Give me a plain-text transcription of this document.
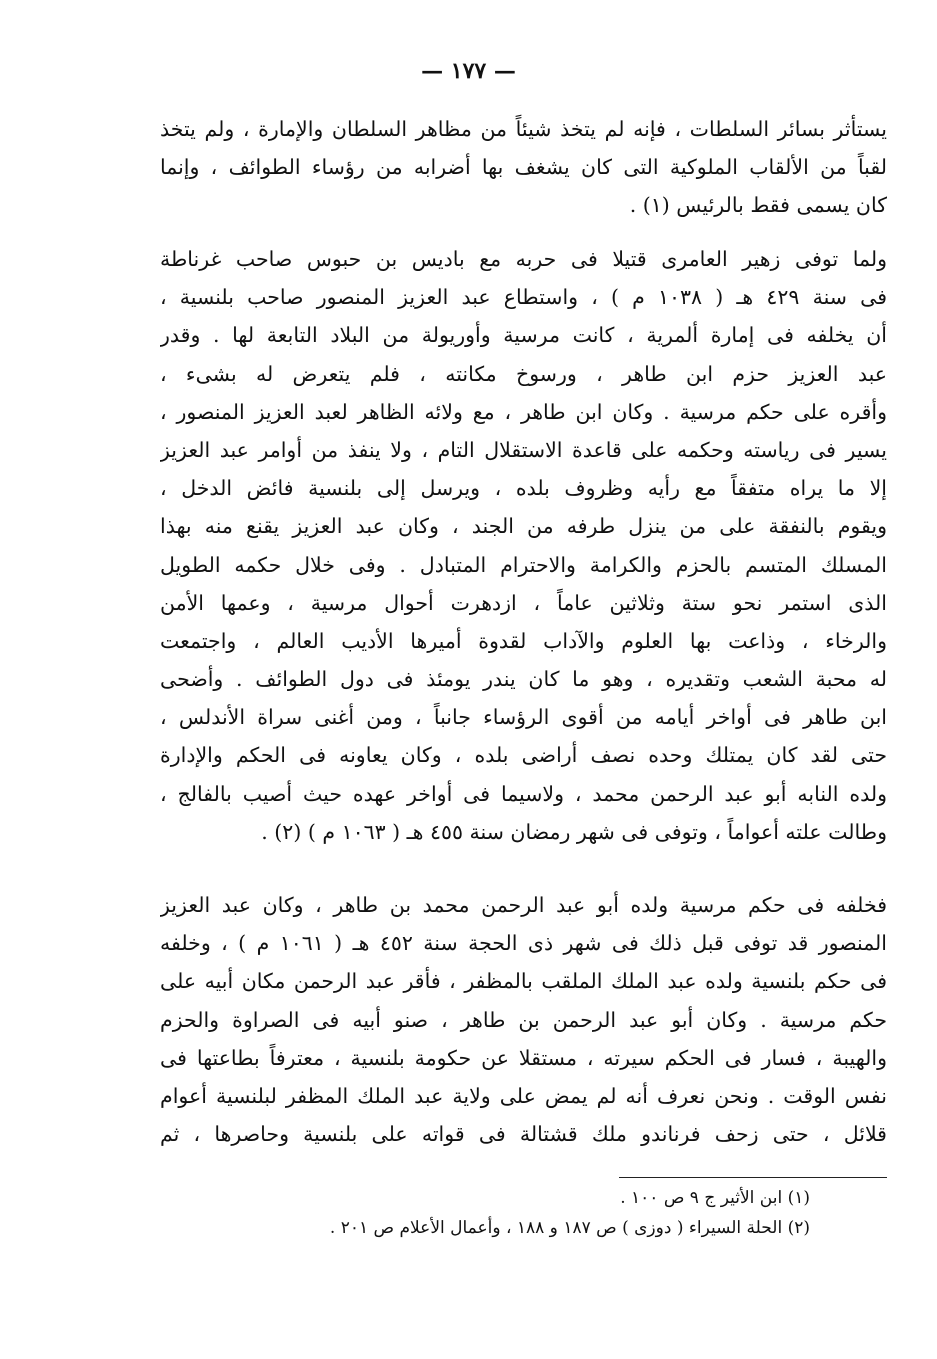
— ١٧٧ —
يستأثر بسائر السلطات ، فإنه لم يتخذ شيئاً من مظاهر السلطان والإمارة ، ولم يتخذ
لقباً من الألقاب الملوكية التى كان يشغف بها أضرابه من رؤساء الطوائف ، وإنما
كان يسمى فقط بالرئيس (١) .
ولما توفى زهير العامرى قتيلا فى حربه مع باديس بن حبوس صاحب غرناطة
فى سنة ٤٢٩ هـ ( ١٠٣٨ م ) ، واستطاع عبد العزيز المنصور صاحب بلنسية ،
أن يخلفه فى إمارة ألمرية ، كانت مرسية وأوريولة من البلاد التابعة لها . وقدر
عبد العزيز حزم ابن طاهر ، ورسوخ مكانته ، فلم يتعرض له بشىء ،
وأقره على حكم مرسية . وكان ابن طاهر ، مع ولائه الظاهر لعبد العزيز المنصور ،
يسير فى رياسته وحكمه على قاعدة الاستقلال التام ، ولا ينفذ من أوامر عبد العزيز
إلا ما يراه متفقاً مع رأيه وظروف بلده ، ويرسل إلى بلنسية فائض الدخل ،
ويقوم بالنفقة على من ينزل طرفه من الجند ، وكان عبد العزيز يقنع منه بهذا
المسلك المتسم بالحزم والكرامة والاحترام المتبادل . وفى خلال حكمه الطويل
الذى استمر نحو ستة وثلاثين عاماً ، ازدهرت أحوال مرسية ، وعمها الأمن
والرخاء ، وذاعت بها العلوم والآداب لقدوة أميرها الأديب العالم ، واجتمعت
له محبة الشعب وتقديره ، وهو ما كان يندر يومئذ فى دول الطوائف . وأضحى
ابن طاهر فى أواخر أيامه من أقوى الرؤساء جانباً ، ومن أغنى سراة الأندلس ،
حتى لقد كان يمتلك وحده نصف أراضى بلده ، وكان يعاونه فى الحكم والإدارة
ولده النابه أبو عبد الرحمن محمد ، ولاسيما فى أواخر عهده حيث أصيب بالفالج ،
وطالت علته أعواماً ، وتوفى فى شهر رمضان سنة ٤٥٥ هـ ( ١٠٦٣ م ) (٢) .
فخلفه فى حكم مرسية ولده أبو عبد الرحمن محمد بن طاهر ، وكان عبد العزيز
المنصور قد توفى قبل ذلك فى شهر ذى الحجة سنة ٤٥٢ هـ ( ١٠٦١ م ) ، وخلفه
فى حكم بلنسية ولده عبد الملك الملقب بالمظفر ، فأقر عبد الرحمن مكان أبيه على
حكم مرسية . وكان أبو عبد الرحمن بن طاهر ، صنو أبيه فى الصراوة والحزم
والهيبة ، فسار فى الحكم سيرته ، مستقلا عن حكومة بلنسية ، معترفاً بطاعتها فى
نفس الوقت . ونحن نعرف أنه لم يمض على ولاية عبد الملك المظفر لبلنسية أعوام
قلائل ، حتى زحف فرناندو ملك قشتالة فى قواته على بلنسية وحاصرها ، ثم
(١) ابن الأثير ج ٩ ص ١٠٠ .
(٢) الحلة السيراء ( دوزى ) ص ١٨٧ و ١٨٨ ، وأعمال الأعلام ص ٢٠١ .
